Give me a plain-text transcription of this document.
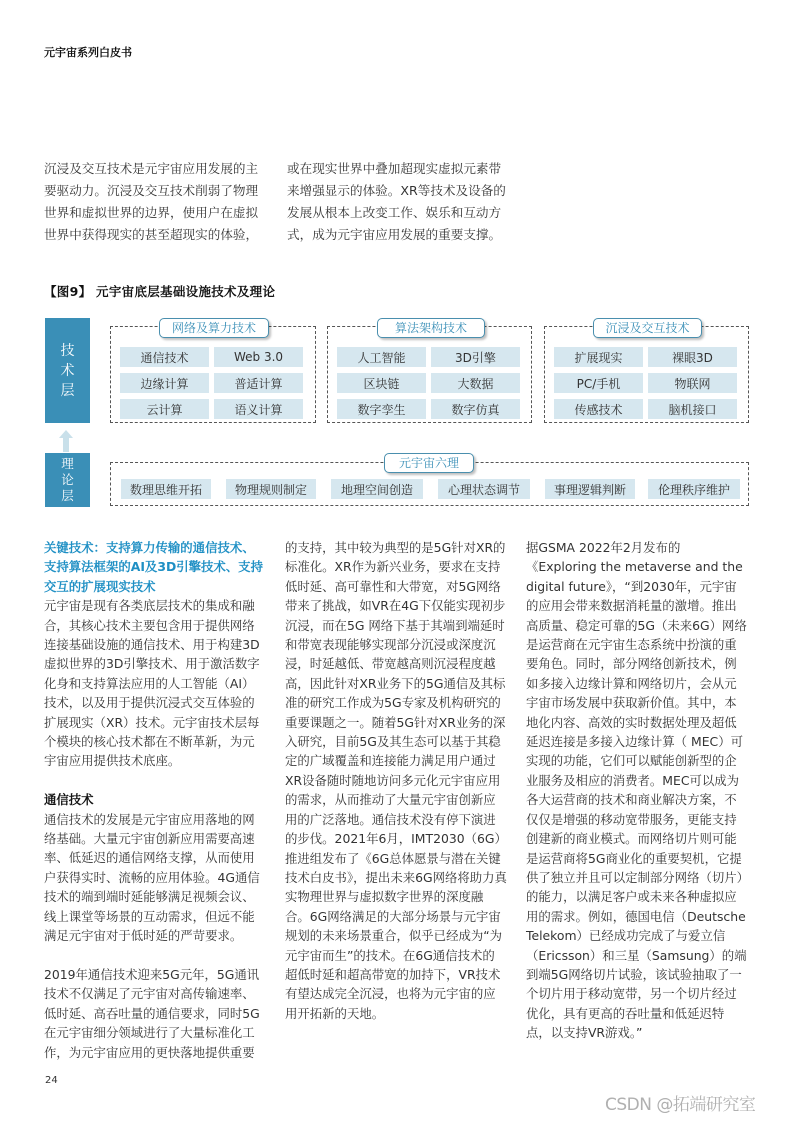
元宇宙系列白皮书

沉浸及交互技术是元宇宙应用发展的主要驱动力。沉浸及交互技术削弱了物理世界和虚拟世界的边界，使用户在虚拟世界中获得现实的甚至超现实的体验，

或在现实世界中叠加超现实虚拟元素带来增强显示的体验。XR等技术及设备的发展从根本上改变工作、娱乐和互动方式，成为元宇宙应用发展的重要支撑。

【图9】 元宇宙底层基础设施技术及理论
技
术
层
理
论
层
网络及算力技术
通信技术	Web 3.0
边缘计算	普适计算
云计算	语义计算
算法架构技术
人工智能	3D引擎
区块链	大数据
数字孪生	数字仿真
沉浸及交互技术
扩展现实	裸眼3D
PC/手机	物联网
传感技术	脑机接口
元宇宙六理
数理思维开拓	物理规则制定	地理空间创造	心理状态调节	事理逻辑判断	伦理秩序维护

关键技术：支持算力传输的通信技术、支持算法框架的AI及3D引擎技术、支持交互的扩展现实技术

元宇宙是现有各类底层技术的集成和融合，其核心技术主要包含用于提供网络连接基础设施的通信技术、用于构建3D虚拟世界的3D引擎技术、用于激活数字化身和支持算法应用的人工智能（AI）技术，以及用于提供沉浸式交互体验的扩展现实（XR）技术。元宇宙技术层每个模块的核心技术都在不断革新，为元宇宙应用提供技术底座。

通信技术

通信技术的发展是元宇宙应用落地的网络基础。大量元宇宙创新应用需要高速率、低延迟的通信网络支撑，从而使用户获得实时、流畅的应用体验。4G通信技术的端到端时延能够满足视频会议、线上课堂等场景的互动需求，但远不能满足元宇宙对于低时延的严苛要求。

2019年通信技术迎来5G元年，5G通讯技术不仅满足了元宇宙对高传输速率、低时延、高吞吐量的通信要求，同时5G在元宇宙细分领域进行了大量标准化工作，为元宇宙应用的更快落地提供重要

的支持，其中较为典型的是5G针对XR的标准化。XR作为新兴业务，要求在支持低时延、高可靠性和大带宽，对5G网络带来了挑战，如VR在4G下仅能实现初步沉浸，而在5G 网络下基于其端到端延时和带宽表现能够实现部分沉浸或深度沉浸，时延越低、带宽越高则沉浸程度越高，因此针对XR业务下的5G通信及其标准的研究工作成为5G专家及机构研究的重要课题之一。随着5G针对XR业务的深入研究，目前5G及其生态可以基于其稳定的广域覆盖和连接能力满足用户通过XR设备随时随地访问多元化元宇宙应用的需求，从而推动了大量元宇宙创新应用的广泛落地。通信技术没有停下演进的步伐。2021年6月，IMT2030（6G）推进组发布了《6G总体愿景与潜在关键技术白皮书》，提出未来6G网络将助力真实物理世界与虚拟数字世界的深度融合。6G网络满足的大部分场景与元宇宙规划的未来场景重合，似乎已经成为“为元宇宙而生”的技术。在6G通信技术的超低时延和超高带宽的加持下，VR技术有望达成完全沉浸，也将为元宇宙的应用开拓新的天地。

据GSMA 2022年2月发布的《Exploring the metaverse and the digital future》，“到2030年，元宇宙的应用会带来数据消耗量的激增。推出高质量、稳定可靠的5G（未来6G）网络是运营商在元宇宙生态系统中扮演的重要角色。同时，部分网络创新技术，例如多接入边缘计算和网络切片，会从元宇宙市场发展中获取新价值。其中，本地化内容、高效的实时数据处理及超低延迟连接是多接入边缘计算（ MEC）可实现的功能，它们可以赋能创新型的企业服务及相应的消费者。MEC可以成为各大运营商的技术和商业解决方案，不仅仅是增强的移动宽带服务，更能支持创建新的商业模式。而网络切片则可能是运营商将5G商业化的重要契机，它提供了独立并且可以定制部分网络（切片）的能力，以满足客户或未来各种虚拟应用的需求。例如，德国电信（Deutsche Telekom）已经成功完成了与爱立信（Ericsson）和三星（Samsung）的端到端5G网络切片试验，该试验抽取了一个切片用于移动宽带，另一个切片经过优化，具有更高的吞吐量和低延迟特点，以支持VR游戏。”

24
CSDN @拓端研究室
